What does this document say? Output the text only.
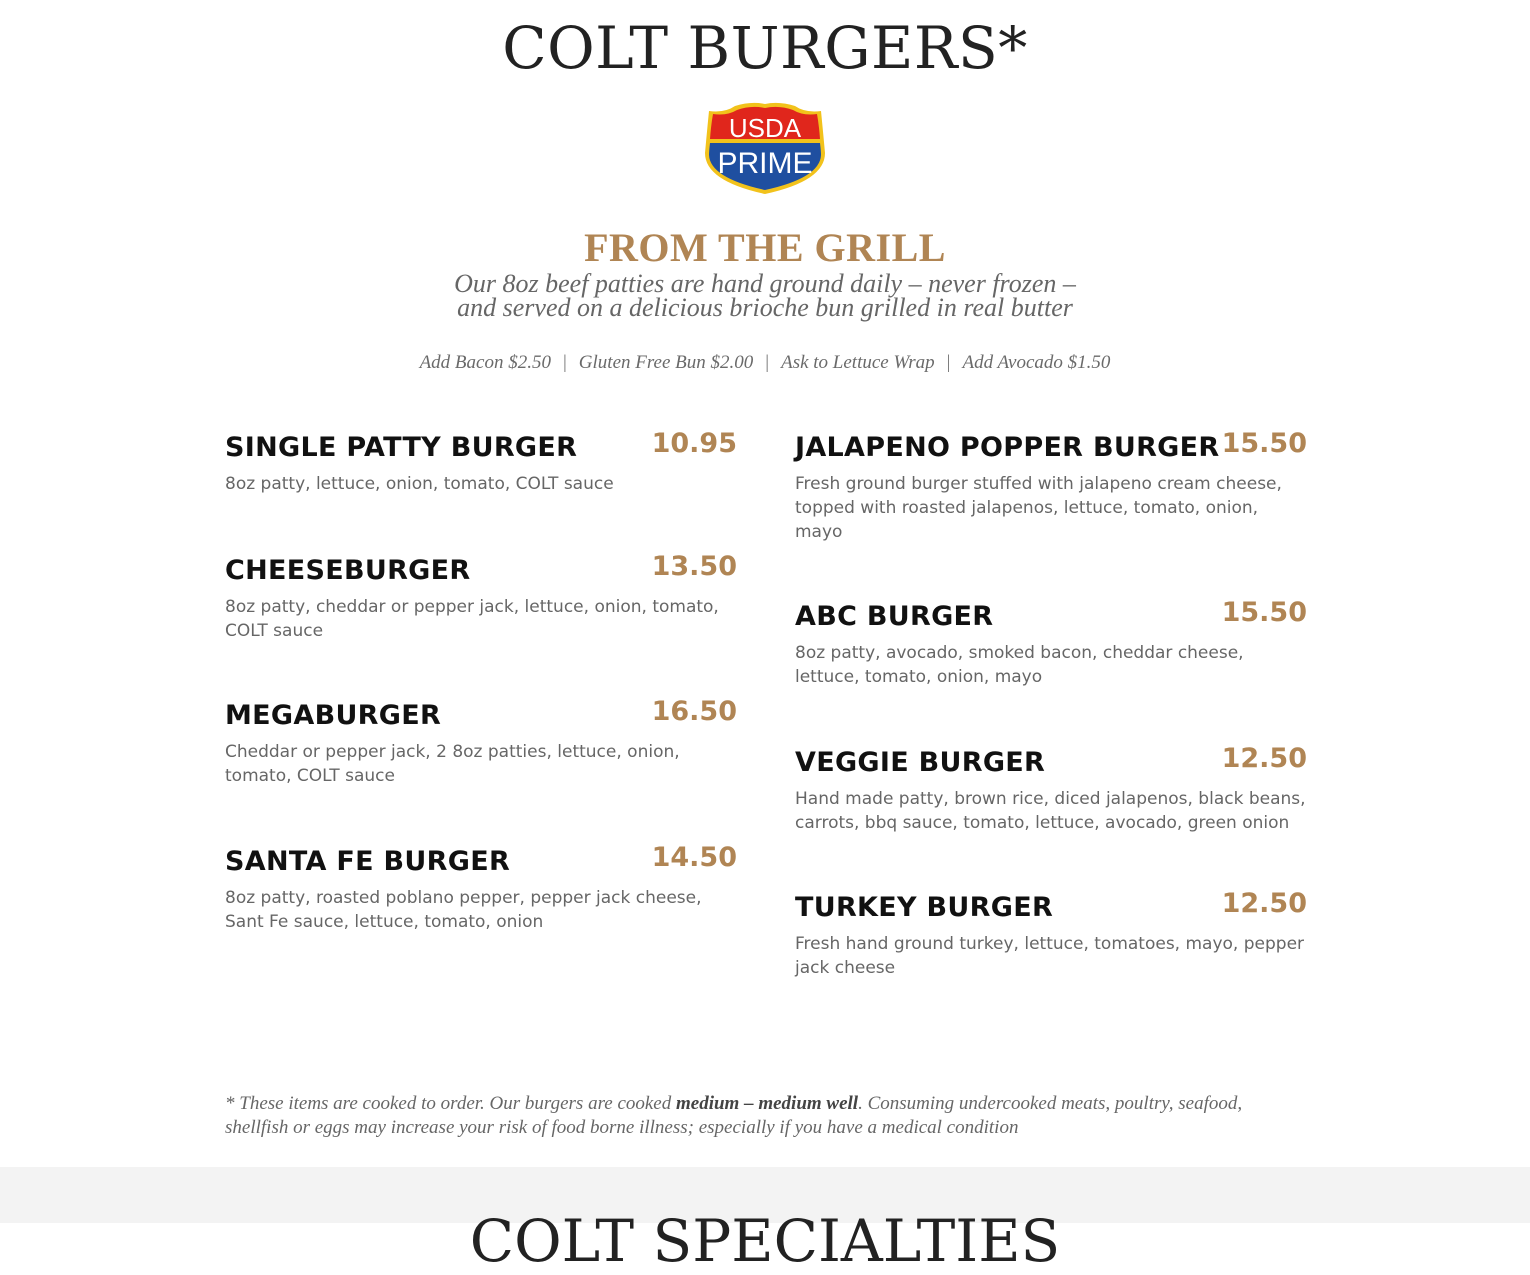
COLT BURGERS*
USDA
PRIME
FROM THE GRILL
Our 8oz beef patties are hand ground daily – never frozen –
and served on a delicious brioche bun grilled in real butter
Add Bacon $2.50 | Gluten Free Bun $2.00 | Ask to Lettuce Wrap | Add Avocado $1.50
SINGLE PATTY BURGER	10.95
8oz patty, lettuce, onion, tomato, COLT sauce
CHEESEBURGER	13.50
8oz patty, cheddar or pepper jack, lettuce, onion, tomato, COLT sauce
MEGABURGER	16.50
Cheddar or pepper jack, 2 8oz patties, lettuce, onion, tomato, COLT sauce
SANTA FE BURGER	14.50
8oz patty, roasted poblano pepper, pepper jack cheese, Sant Fe sauce, lettuce, tomato, onion
JALAPENO POPPER BURGER 15.50
Fresh ground burger stuffed with jalapeno cream cheese, topped with roasted jalapenos, lettuce, tomato, onion, mayo
ABC BURGER	15.50
8oz patty, avocado, smoked bacon, cheddar cheese, lettuce, tomato, onion, mayo
VEGGIE BURGER	12.50
Hand made patty, brown rice, diced jalapenos, black beans, carrots, bbq sauce, tomato, lettuce, avocado, green onion
TURKEY BURGER	12.50
Fresh hand ground turkey, lettuce, tomatoes, mayo, pepper jack cheese
* These items are cooked to order. Our burgers are cooked medium – medium well. Consuming undercooked meats, poultry, seafood, shellfish or eggs may increase your risk of food borne illness; especially if you have a medical condition
COLT SPECIALTIES
